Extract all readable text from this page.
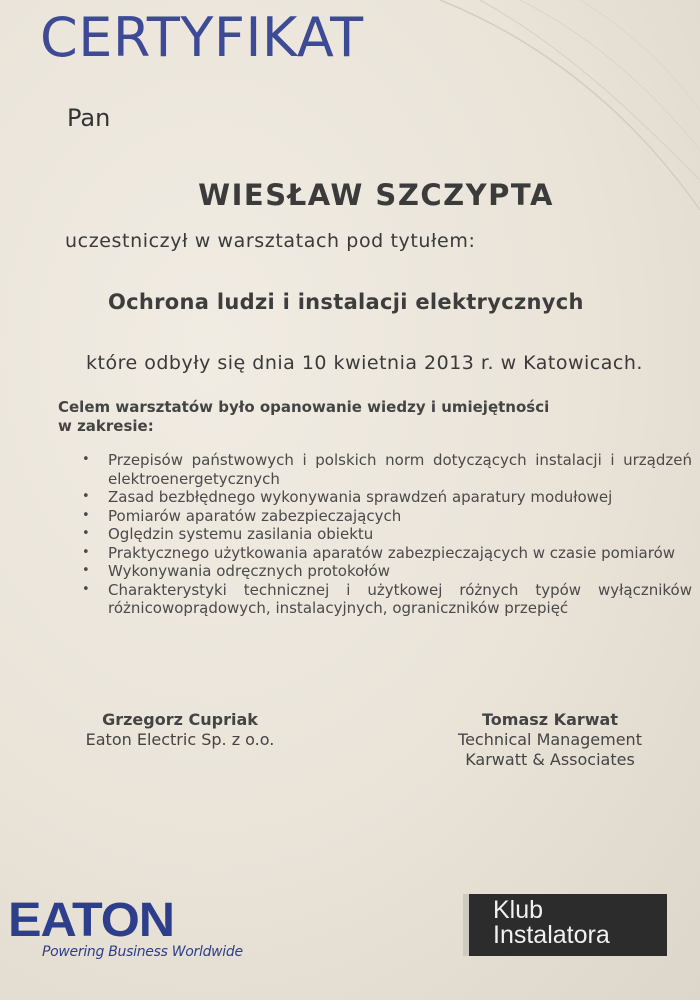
CERTYFIKAT
Pan
WIESŁAW SZCZYPTA
uczestniczył w warsztatach pod tytułem:
Ochrona ludzi i instalacji elektrycznych
które odbyły się dnia 10 kwietnia 2013 r. w Katowicach.
Celem warsztatów było opanowanie wiedzy i umiejętności
w zakresie:
• Przepisów państwowych i polskich norm dotyczących instalacji i urządzeń elektroenergetycznych
• Zasad bezbłędnego wykonywania sprawdzeń aparatury modułowej
• Pomiarów aparatów zabezpieczających
• Oględzin systemu zasilania obiektu
• Praktycznego użytkowania aparatów zabezpieczających w czasie pomiarów
• Wykonywania odręcznych protokołów
• Charakterystyki technicznej i użytkowej różnych typów wyłączników różnicowoprądowych, instalacyjnych, ograniczników przepięć
Grzegorz Cupriak
Eaton Electric Sp. z o.o.
Tomasz Karwat
Technical Management
Karwatt & Associates
EATON
Powering Business Worldwide
Klub
Instalatora
